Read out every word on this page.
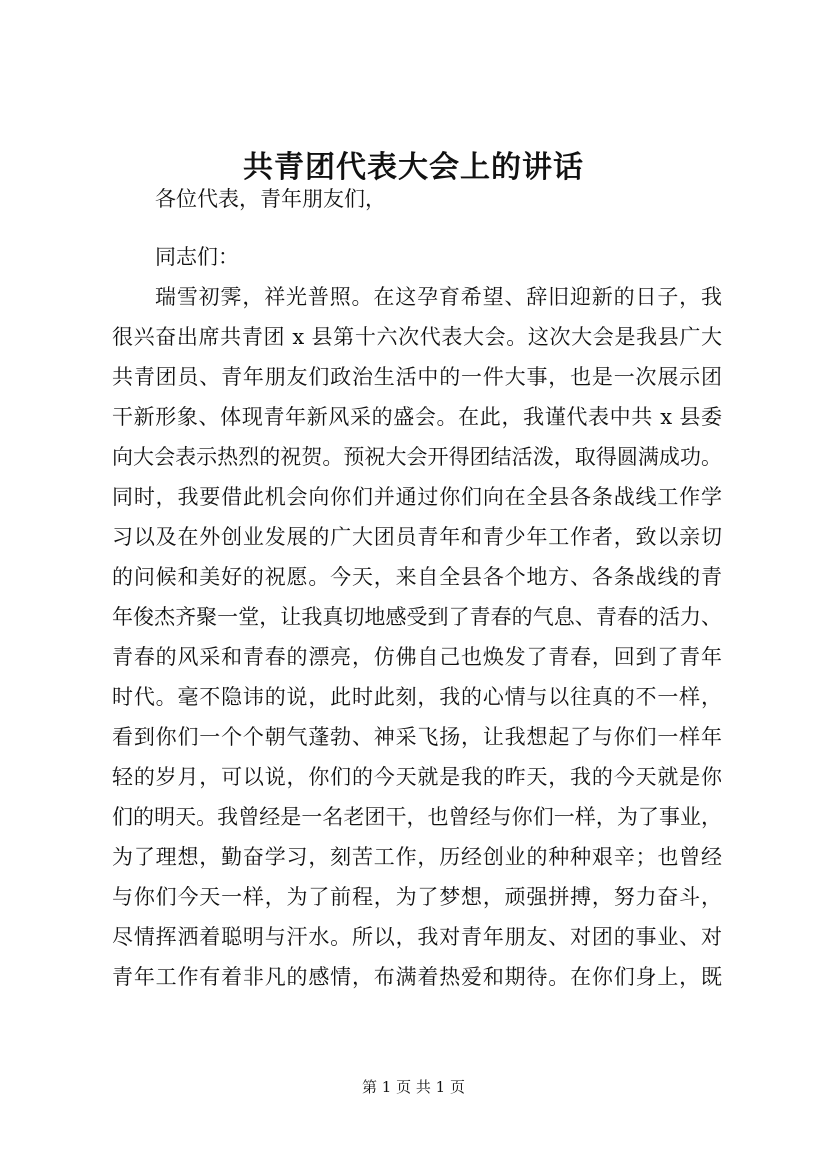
共青团代表大会上的讲话
各位代表，青年朋友们，
同志们：
瑞雪初霁，祥光普照。在这孕育希望、辞旧迎新的日子，我
很兴奋出席共青团 x 县第十六次代表大会。这次大会是我县广大
共青团员、青年朋友们政治生活中的一件大事，也是一次展示团
干新形象、体现青年新风采的盛会。在此，我谨代表中共 x 县委
向大会表示热烈的祝贺。预祝大会开得团结活泼，取得圆满成功。
同时，我要借此机会向你们并通过你们向在全县各条战线工作学
习以及在外创业发展的广大团员青年和青少年工作者，致以亲切
的问候和美好的祝愿。今天，来自全县各个地方、各条战线的青
年俊杰齐聚一堂，让我真切地感受到了青春的气息、青春的活力、
青春的风采和青春的漂亮，仿佛自己也焕发了青春，回到了青年
时代。毫不隐讳的说，此时此刻，我的心情与以往真的不一样，
看到你们一个个朝气蓬勃、神采飞扬，让我想起了与你们一样年
轻的岁月，可以说，你们的今天就是我的昨天，我的今天就是你
们的明天。我曾经是一名老团干，也曾经与你们一样，为了事业，
为了理想，勤奋学习，刻苦工作，历经创业的种种艰辛；也曾经
与你们今天一样，为了前程，为了梦想，顽强拼搏，努力奋斗，
尽情挥洒着聪明与汗水。所以，我对青年朋友、对团的事业、对
青年工作有着非凡的感情，布满着热爱和期待。在你们身上，既
第 1 页 共 1 页
